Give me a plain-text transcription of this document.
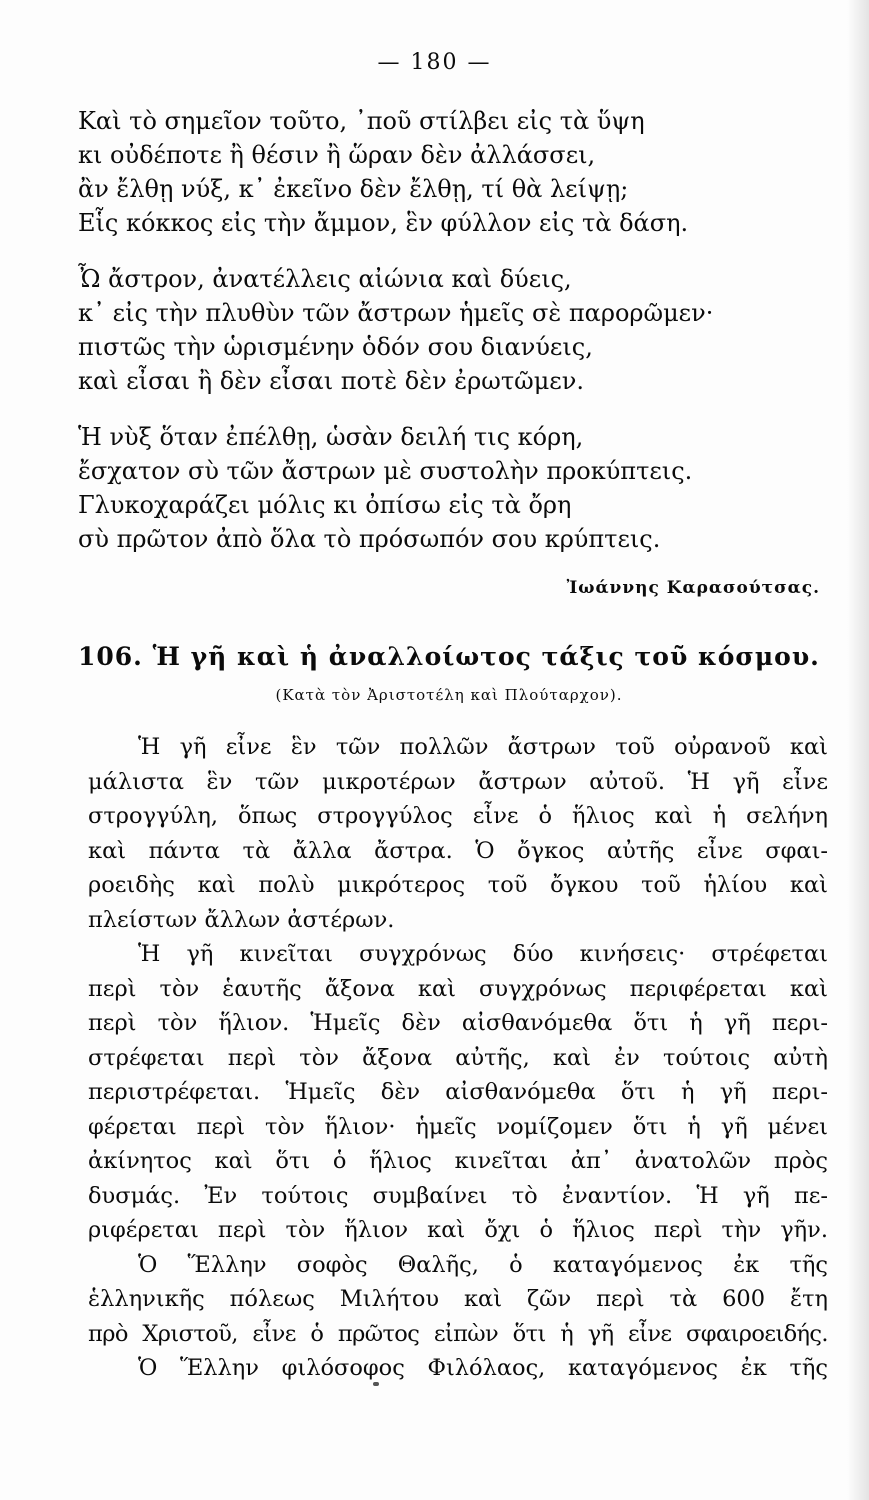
— 180 —
Καὶ τὸ σημεῖον τοῦτο, ᾽ποῦ στίλβει εἰς τὰ ὕψη
κι οὐδέποτε ἢ θέσιν ἢ ὥραν δὲν ἀλλάσσει,
ἂν ἔλθῃ νύξ, κ᾽ ἐκεῖνο δὲν ἔλθῃ, τί θὰ λείψῃ;
Εἷς κόκκος εἰς τὴν ἄμμον, ἓν φύλλον εἰς τὰ δάση.
Ὦ ἄστρον, ἀνατέλλεις αἰώνια καὶ δύεις,
κ᾽ εἰς τὴν πλυθὺν τῶν ἄστρων ἡμεῖς σὲ παρορῶμεν·
πιστῶς τὴν ὡρισμένην ὁδόν σου διανύεις,
καὶ εἶσαι ἢ δὲν εἶσαι ποτὲ δὲν ἐρωτῶμεν.
Ἡ νὺξ ὅταν ἐπέλθῃ, ὡσὰν δειλή τις κόρη,
ἔσχατον σὺ τῶν ἄστρων μὲ συστολὴν προκύπτεις.
Γλυκοχαράζει μόλις κι ὀπίσω εἰς τὰ ὄρη
σὺ πρῶτον ἀπὸ ὅλα τὸ πρόσωπόν σου κρύπτεις.
Ἰωάννης Καρασούτσας.
106. Ἡ γῆ καὶ ἡ ἀναλλοίωτος τάξις τοῦ κόσμου.
(Κατὰ τὸν Ἀριστοτέλη καὶ Πλούταρχον).
Ἡ γῆ εἶνε ἓν τῶν πολλῶν ἄστρων τοῦ οὐρανοῦ καὶ
μάλιστα ἓν τῶν μικροτέρων ἄστρων αὐτοῦ. Ἡ γῆ εἶνε
στρογγύλη, ὅπως στρογγύλος εἶνε ὁ ἥλιος καὶ ἡ σελήνη
καὶ πάντα τὰ ἄλλα ἄστρα. Ὁ ὄγκος αὐτῆς εἶνε σφαι-
ροειδὴς καὶ πολὺ μικρότερος τοῦ ὄγκου τοῦ ἡλίου καὶ
πλείστων ἄλλων ἀστέρων.
Ἡ γῆ κινεῖται συγχρόνως δύο κινήσεις· στρέφεται
περὶ τὸν ἑαυτῆς ἄξονα καὶ συγχρόνως περιφέρεται καὶ
περὶ τὸν ἥλιον. Ἡμεῖς δὲν αἰσθανόμεθα ὅτι ἡ γῆ περι-
στρέφεται περὶ τὸν ἄξονα αὐτῆς, καὶ ἐν τούτοις αὐτὴ
περιστρέφεται. Ἡμεῖς δὲν αἰσθανόμεθα ὅτι ἡ γῆ περι-
φέρεται περὶ τὸν ἥλιον· ἡμεῖς νομίζομεν ὅτι ἡ γῆ μένει
ἀκίνητος καὶ ὅτι ὁ ἥλιος κινεῖται ἀπ᾽ ἀνατολῶν πρὸς
δυσμάς. Ἐν τούτοις συμβαίνει τὸ ἐναντίον. Ἡ γῆ πε-
ριφέρεται περὶ τὸν ἥλιον καὶ ὄχι ὁ ἥλιος περὶ τὴν γῆν.
Ὁ Ἕλλην σοφὸς Θαλῆς, ὁ καταγόμενος ἐκ τῆς
ἑλληνικῆς πόλεως Μιλήτου καὶ ζῶν περὶ τὰ 600 ἔτη
πρὸ Χριστοῦ, εἶνε ὁ πρῶτος εἰπὼν ὅτι ἡ γῆ εἶνε σφαιροειδής.
Ὁ Ἕλλην φιλόσοφος Φιλόλαος, καταγόμενος ἐκ τῆς
